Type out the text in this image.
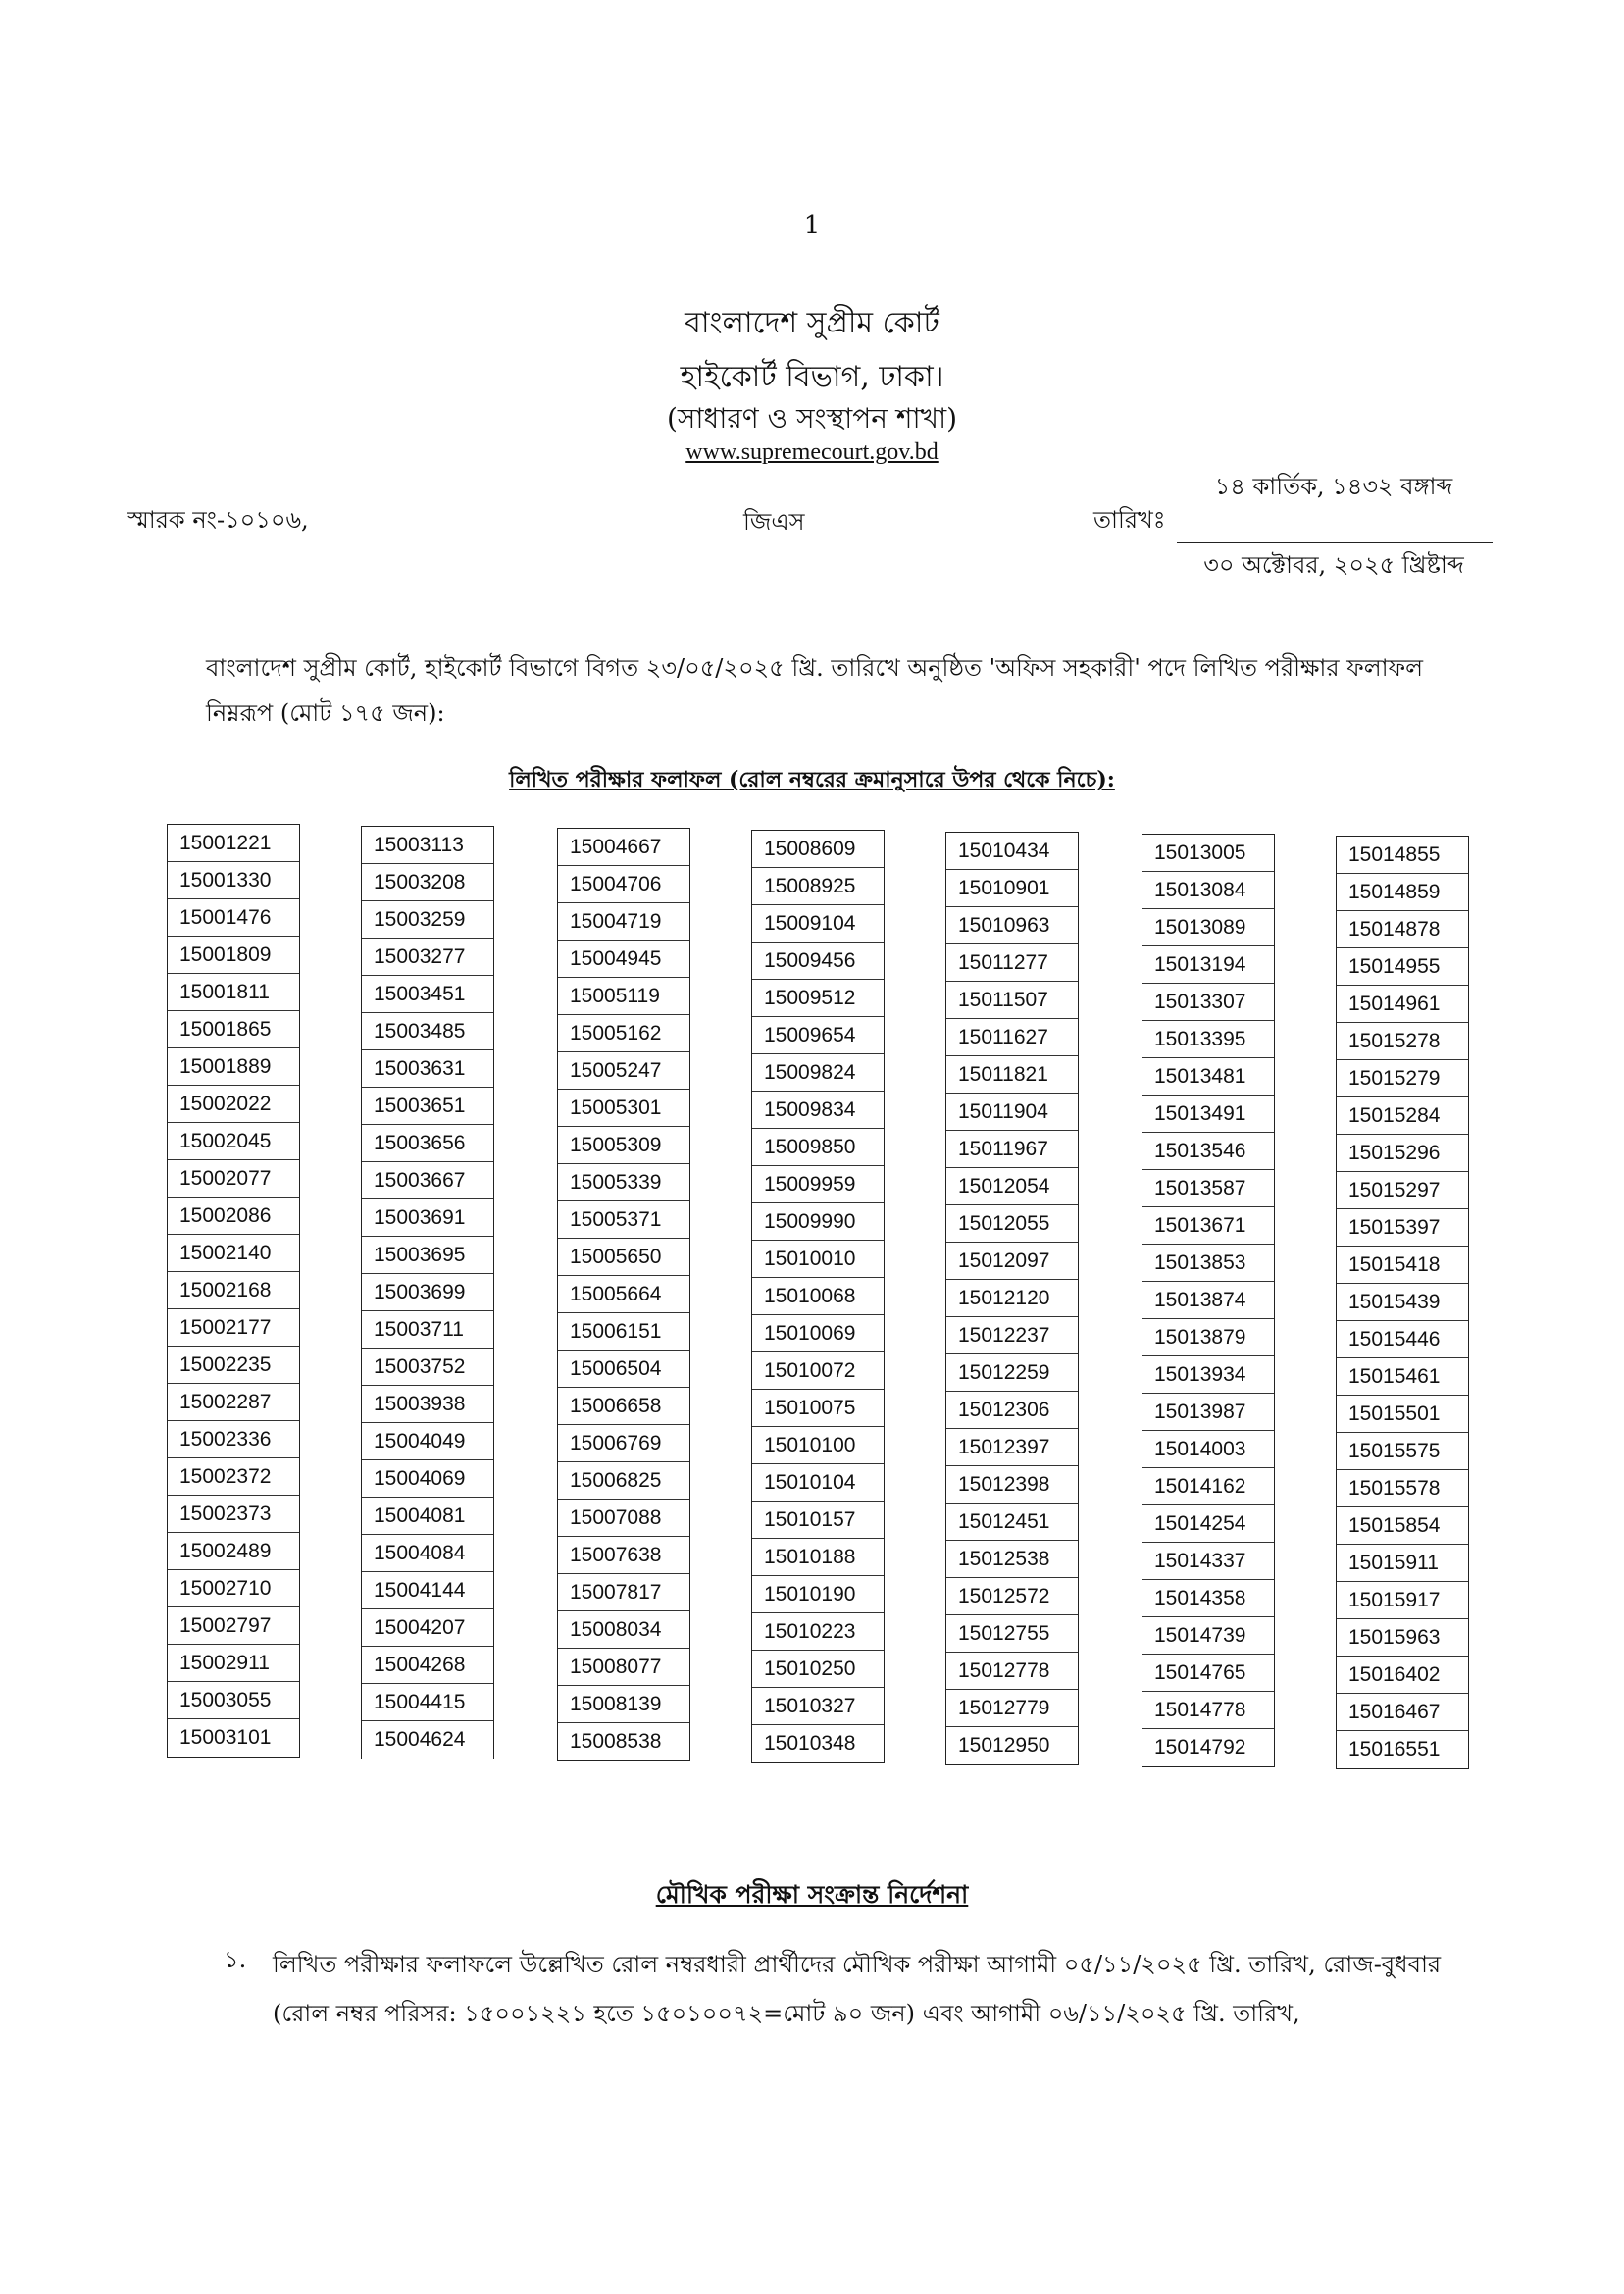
1
বাংলাদেশ সুপ্রীম কোর্ট
হাইকোর্ট বিভাগ, ঢাকা।
(সাধারণ ও সংস্থাপন শাখা)
www.supremecourt.gov.bd
স্মারক নং-১০১০৬,	জিএস	তারিখঃ
১৪ কার্তিক, ১৪৩২ বঙ্গাব্দ
৩০ অক্টোবর, ২০২৫ খ্রিষ্টাব্দ
বাংলাদেশ সুপ্রীম কোর্ট, হাইকোর্ট বিভাগে বিগত ২৩/০৫/২০২৫ খ্রি. তারিখে অনুষ্ঠিত 'অফিস সহকারী' পদে লিখিত পরীক্ষার ফলাফল নিম্নরূপ (মোট ১৭৫ জন):
লিখিত পরীক্ষার ফলাফল (রোল নম্বরের ক্রমানুসারে উপর থেকে নিচে):
15001221
15001330
15001476
15001809
15001811
15001865
15001889
15002022
15002045
15002077
15002086
15002140
15002168
15002177
15002235
15002287
15002336
15002372
15002373
15002489
15002710
15002797
15002911
15003055
15003101
15003113
15003208
15003259
15003277
15003451
15003485
15003631
15003651
15003656
15003667
15003691
15003695
15003699
15003711
15003752
15003938
15004049
15004069
15004081
15004084
15004144
15004207
15004268
15004415
15004624
15004667
15004706
15004719
15004945
15005119
15005162
15005247
15005301
15005309
15005339
15005371
15005650
15005664
15006151
15006504
15006658
15006769
15006825
15007088
15007638
15007817
15008034
15008077
15008139
15008538
15008609
15008925
15009104
15009456
15009512
15009654
15009824
15009834
15009850
15009959
15009990
15010010
15010068
15010069
15010072
15010075
15010100
15010104
15010157
15010188
15010190
15010223
15010250
15010327
15010348
15010434
15010901
15010963
15011277
15011507
15011627
15011821
15011904
15011967
15012054
15012055
15012097
15012120
15012237
15012259
15012306
15012397
15012398
15012451
15012538
15012572
15012755
15012778
15012779
15012950
15013005
15013084
15013089
15013194
15013307
15013395
15013481
15013491
15013546
15013587
15013671
15013853
15013874
15013879
15013934
15013987
15014003
15014162
15014254
15014337
15014358
15014739
15014765
15014778
15014792
15014855
15014859
15014878
15014955
15014961
15015278
15015279
15015284
15015296
15015297
15015397
15015418
15015439
15015446
15015461
15015501
15015575
15015578
15015854
15015911
15015917
15015963
15016402
15016467
15016551
মৌখিক পরীক্ষা সংক্রান্ত নির্দেশনা
১. লিখিত পরীক্ষার ফলাফলে উল্লেখিত রোল নম্বরধারী প্রার্থীদের মৌখিক পরীক্ষা আগামী ০৫/১১/২০২৫ খ্রি. তারিখ, রোজ-বুধবার (রোল নম্বর পরিসর: ১৫০০১২২১ হতে ১৫০১০০৭২=মোট ৯০ জন) এবং আগামী ০৬/১১/২০২৫ খ্রি. তারিখ,
